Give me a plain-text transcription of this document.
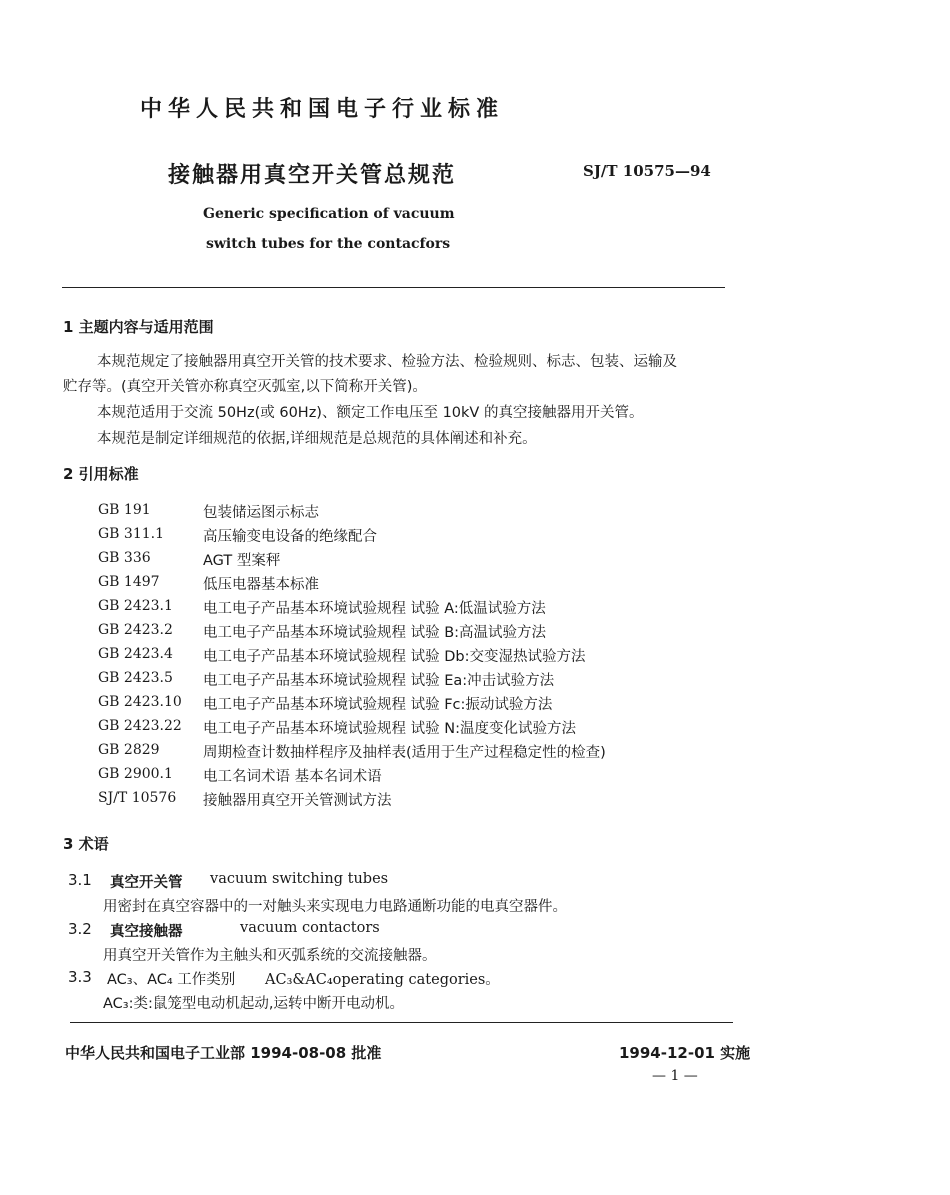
中华人民共和国电子行业标准
接触器用真空开关管总规范	SJ/T 10575—94
Generic specification of vacuum
switch tubes for the contacfors
1 主题内容与适用范围
本规范规定了接触器用真空开关管的技术要求、检验方法、检验规则、标志、包装、运输及
贮存等。(真空开关管亦称真空灭弧室,以下简称开关管)。
本规范适用于交流 50Hz(或 60Hz)、额定工作电压至 10kV 的真空接触器用开关管。
本规范是制定详细规范的依据,详细规范是总规范的具体阐述和补充。
2 引用标准
GB 191	包装储运图示标志
GB 311.1	高压输变电设备的绝缘配合
GB 336	AGT 型案秤
GB 1497	低压电器基本标准
GB 2423.1 电工电子产品基本环境试验规程 试验 A:低温试验方法
GB 2423.2 电工电子产品基本环境试验规程 试验 B:高温试验方法
GB 2423.4 电工电子产品基本环境试验规程 试验 Db:交变湿热试验方法
GB 2423.5 电工电子产品基本环境试验规程 试验 Ea:冲击试验方法
GB 2423.10 电工电子产品基本环境试验规程 试验 Fc:振动试验方法
GB 2423.22 电工电子产品基本环境试验规程 试验 N:温度变化试验方法
GB 2829	周期检查计数抽样程序及抽样表(适用于生产过程稳定性的检查)
GB 2900.1 电工名词术语 基本名词术语
SJ/T 10576 接触器用真空开关管测试方法
3 术语
3.1 真空开关管 vacuum switching tubes
用密封在真空容器中的一对触头来实现电力电路通断功能的电真空器件。
3.2 真空接触器	vacuum contactors
用真空开关管作为主触头和灭弧系统的交流接触器。
3.3 AC₃、AC₄ 工作类别 AC₃&AC₄operating categories。
AC₃:类:鼠笼型电动机起动,运转中断开电动机。
中华人民共和国电子工业部 1994-08-08 批准	1994-12-01 实施
— 1 —
